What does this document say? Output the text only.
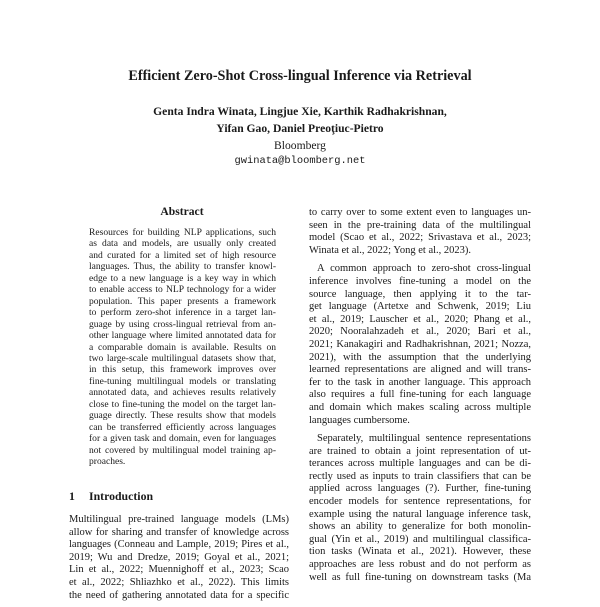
Efficient Zero-Shot Cross-lingual Inference via Retrieval
Genta Indra Winata, Lingjue Xie, Karthik Radhakrishnan,
Yifan Gao, Daniel Preoţiuc-Pietro
Bloomberg
gwinata@bloomberg.net
Abstract
Resources for building NLP applications, such
as data and models, are usually only created
and curated for a limited set of high resource
languages. Thus, the ability to transfer knowl-
edge to a new language is a key way in which
to enable access to NLP technology for a wider
population. This paper presents a framework
to perform zero-shot inference in a target lan-
guage by using cross-lingual retrieval from an-
other language where limited annotated data for
a comparable domain is available. Results on
two large-scale multilingual datasets show that,
in this setup, this framework improves over
fine-tuning multilingual models or translating
annotated data, and achieves results relatively
close to fine-tuning the model on the target lan-
guage directly. These results show that models
can be transferred efficiently across languages
for a given task and domain, even for languages
not covered by multilingual model training ap-
proaches.
1 Introduction
Multilingual pre-trained language models (LMs)
allow for sharing and transfer of knowledge across
languages (Conneau and Lample, 2019; Pires et al.,
2019; Wu and Dredze, 2019; Goyal et al., 2021;
Lin et al., 2022; Muennighoff et al., 2023; Scao
et al., 2022; Shliazhko et al., 2022). This limits
the need of gathering annotated data for a specific
to carry over to some extent even to languages un-
seen in the pre-training data of the multilingual
model (Scao et al., 2022; Srivastava et al., 2023;
Winata et al., 2022; Yong et al., 2023).
A common approach to zero-shot cross-lingual
inference involves fine-tuning a model on the
source language, then applying it to the tar-
get language (Artetxe and Schwenk, 2019; Liu
et al., 2019; Lauscher et al., 2020; Phang et al.,
2020; Nooralahzadeh et al., 2020; Bari et al.,
2021; Kanakagiri and Radhakrishnan, 2021; Nozza,
2021), with the assumption that the underlying
learned representations are aligned and will trans-
fer to the task in another language. This approach
also requires a full fine-tuning for each language
and domain which makes scaling across multiple
languages cumbersome.
Separately, multilingual sentence representations
are trained to obtain a joint representation of ut-
terances across multiple languages and can be di-
rectly used as inputs to train classifiers that can be
applied across languages (?). Further, fine-tuning
encoder models for sentence representations, for
example using the natural language inference task,
shows an ability to generalize for both monolin-
gual (Yin et al., 2019) and multilingual classifica-
tion tasks (Winata et al., 2021). However, these
approaches are less robust and do not perform as
well as full fine-tuning on downstream tasks (Ma
